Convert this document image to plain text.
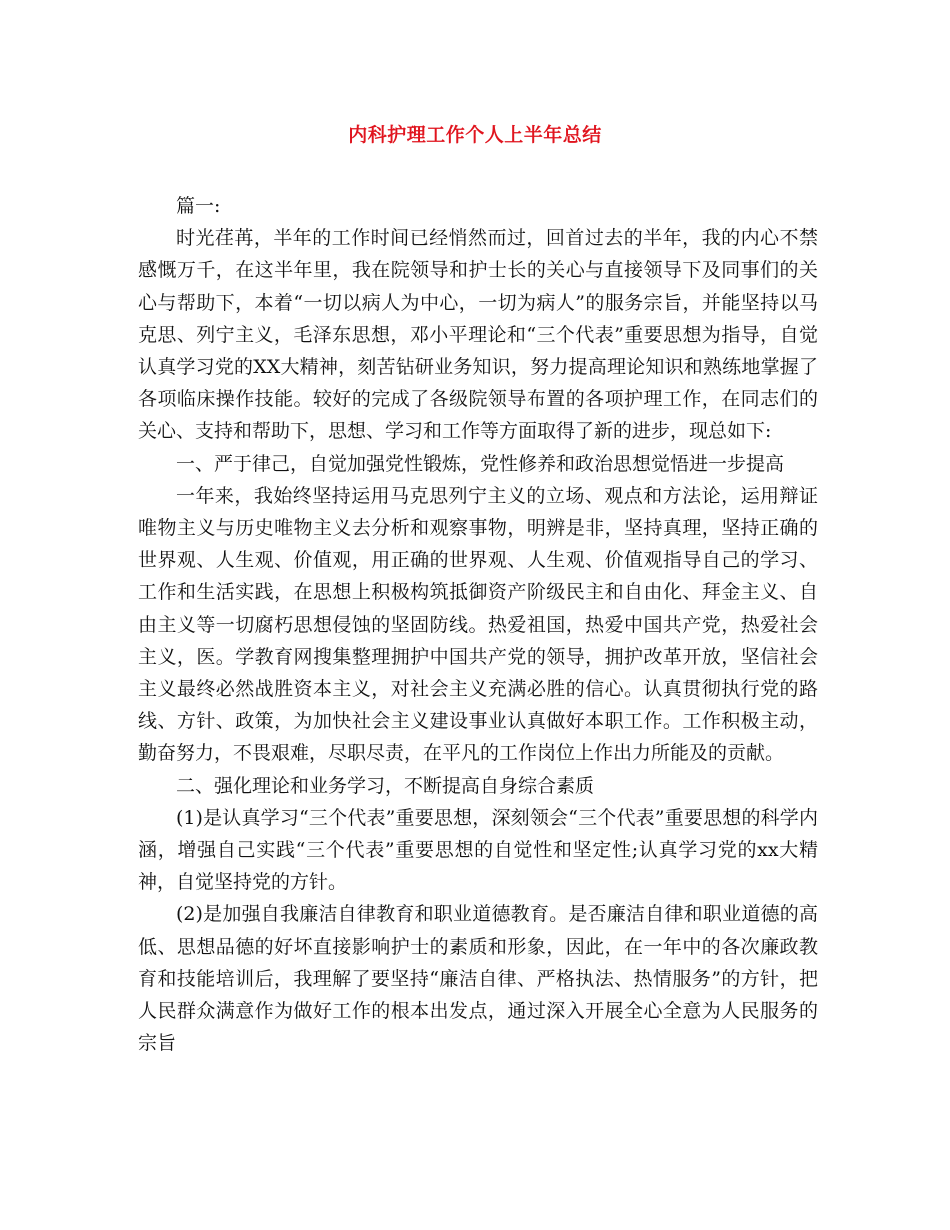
内科护理工作个人上半年总结

篇一:

时光荏苒，半年的工作时间已经悄然而过，回首过去的半年，我的内心不禁感慨万千，在这半年里，我在院领导和护士长的关心与直接领导下及同事们的关心与帮助下，本着“一切以病人为中心，一切为病人”的服务宗旨，并能坚持以马克思、列宁主义，毛泽东思想，邓小平理论和“三个代表”重要思想为指导，自觉认真学习党的XX大精神，刻苦钻研业务知识，努力提高理论知识和熟练地掌握了各项临床操作技能。较好的完成了各级院领导布置的各项护理工作，在同志们的关心、支持和帮助下，思想、学习和工作等方面取得了新的进步，现总如下:

一、严于律己，自觉加强党性锻炼，党性修养和政治思想觉悟进一步提高

一年来，我始终坚持运用马克思列宁主义的立场、观点和方法论，运用辩证唯物主义与历史唯物主义去分析和观察事物，明辨是非，坚持真理，坚持正确的世界观、人生观、价值观，用正确的世界观、人生观、价值观指导自己的学习、工作和生活实践，在思想上积极构筑抵御资产阶级民主和自由化、拜金主义、自由主义等一切腐朽思想侵蚀的坚固防线。热爱祖国，热爱中国共产党，热爱社会主义，医。学教育网搜集整理拥护中国共产党的领导，拥护改革开放，坚信社会主义最终必然战胜资本主义，对社会主义充满必胜的信心。认真贯彻执行党的路线、方针、政策，为加快社会主义建设事业认真做好本职工作。工作积极主动，勤奋努力，不畏艰难，尽职尽责，在平凡的工作岗位上作出力所能及的贡献。

二、强化理论和业务学习，不断提高自身综合素质

(1)是认真学习“三个代表”重要思想，深刻领会“三个代表”重要思想的科学内涵，增强自己实践“三个代表”重要思想的自觉性和坚定性;认真学习党的xx大精神，自觉坚持党的方针。

(2)是加强自我廉洁自律教育和职业道德教育。是否廉洁自律和职业道德的高低、思想品德的好坏直接影响护士的素质和形象，因此，在一年中的各次廉政教育和技能培训后，我理解了要坚持“廉洁自律、严格执法、热情服务”的方针，把人民群众满意作为做好工作的根本出发点，通过深入开展全心全意为人民服务的宗旨
